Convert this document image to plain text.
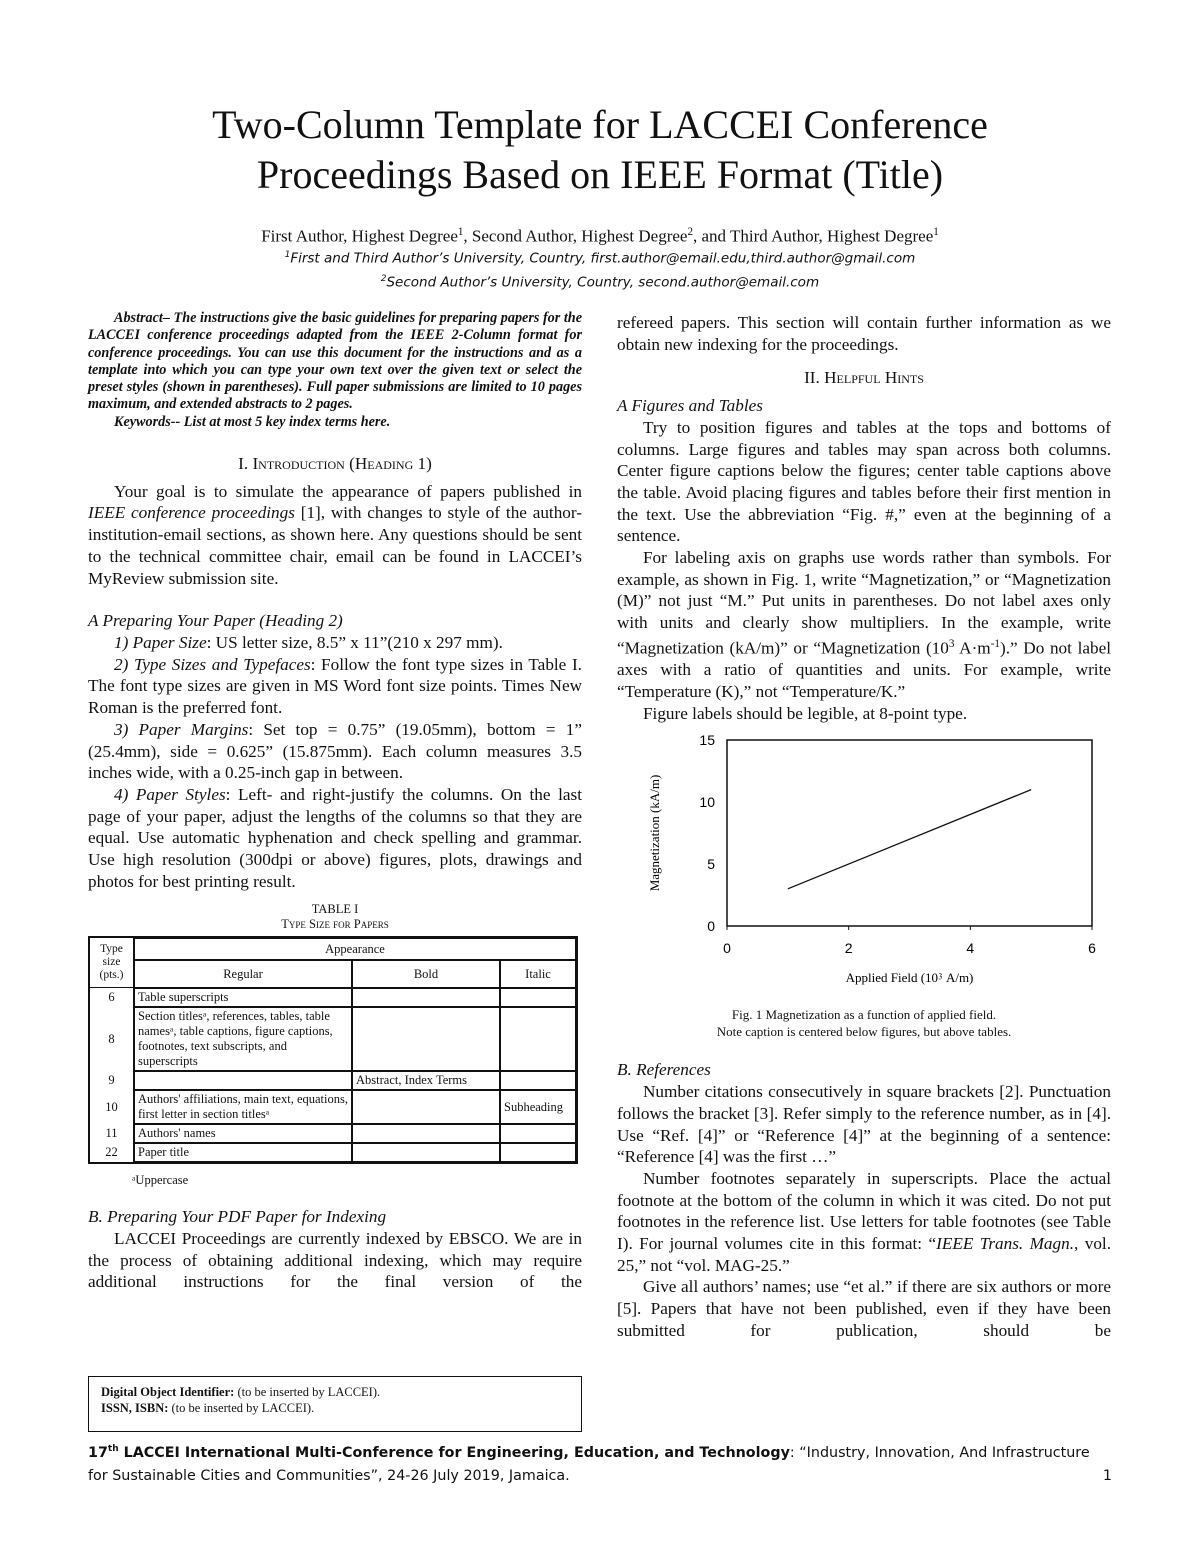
Two-Column Template for LACCEI Conference
Proceedings Based on IEEE Format (Title)
First Author, Highest Degree$^1$, Second Author, Highest Degree$^2$, and Third Author, Highest Degree$^1$
$^1$First and Third Author’s University, Country, first.author@email.edu,third.author@gmail.com
$^2$Second Author’s University, Country, second.author@email.com

Abstract– The instructions give the basic guidelines for preparing papers for the LACCEI conference proceedings adapted from the IEEE 2-Column format for conference proceedings. You can use this document for the instructions and as a template into which you can type your own text over the given text or select the preset styles (shown in parentheses). Full paper submissions are limited to 10 pages maximum, and extended abstracts to 2 pages.

Keywords-- List at most 5 key index terms here.

I. Introduction (Heading 1)

Your goal is to simulate the appearance of papers published in IEEE conference proceedings [1], with changes to style of the author-institution-email sections, as shown here. Any questions should be sent to the technical committee chair, email can be found in LACCEI’s MyReview submission site.

A Preparing Your Paper (Heading 2)

1) Paper Size: US letter size, 8.5” x 11”(210 x 297 mm).

2) Type Sizes and Typefaces: Follow the font type sizes in Table I. The font type sizes are given in MS Word font size points. Times New Roman is the preferred font.

3) Paper Margins: Set top = 0.75” (19.05mm), bottom = 1” (25.4mm), side = 0.625” (15.875mm). Each column measures 3.5 inches wide, with a 0.25-inch gap in between.

4) Paper Styles: Left- and right-justify the columns. On the last page of your paper, adjust the lengths of the columns so that they are equal. Use automatic hyphenation and check spelling and grammar. Use high resolution (300dpi or above) figures, plots, drawings and photos for best printing result.

TABLE I
Type Size for Papers
Type size (pts.)	Appearance		
	Regular	Bold	Italic
6	Table superscripts		
8	Section titlesᵃ, references, tables, table namesᵃ, table captions, figure captions, footnotes, text subscripts, and superscripts		
9		Abstract, Index Terms	
10	Authors' affiliations, main text, equations, first letter in section titlesᵃ		Subheading
11	Authors' names		
22	Paper title		
ᵃUppercase
B. Preparing Your PDF Paper for Indexing

LACCEI Proceedings are currently indexed by EBSCO. We are in the process of obtaining additional indexing, which may require additional instructions for the final version of the

refereed papers. This section will contain further information as we obtain new indexing for the proceedings.

II. Helpful Hints
A Figures and Tables

Try to position figures and tables at the tops and bottoms of columns. Large figures and tables may span across both columns. Center figure captions below the figures; center table captions above the table. Avoid placing figures and tables before their first mention in the text. Use the abbreviation “Fig. #,” even at the beginning of a sentence.

For labeling axis on graphs use words rather than symbols. For example, as shown in Fig. 1, write “Magnetization,” or “Magnetization (M)” not just “M.” Put units in parentheses. Do not label axes only with units and clearly show multipliers. In the example, write “Magnetization (kA/m)” or “Magnetization ($10^3$ $A\cdot m^{-1}$).” Do not label axes with a ratio of quantities and units. For example, write “Temperature (K),” not “Temperature/K.”

Figure labels should be legible, at 8-point type.

0
5
10
15
0	2	4	6
Applied Field (10⁳ A/m)
Magnetization (kA/m)
Fig. 1 Magnetization as a function of applied field.
Note caption is centered below figures, but above tables.
B. References

Number citations consecutively in square brackets [2]. Punctuation follows the bracket [3]. Refer simply to the reference number, as in [4]. Use “Ref. [4]” or “Reference [4]” at the beginning of a sentence: “Reference [4] was the first …”

Number footnotes separately in superscripts. Place the actual footnote at the bottom of the column in which it was cited. Do not put footnotes in the reference list. Use letters for table footnotes (see Table I). For journal volumes cite in this format: “IEEE Trans. Magn., vol. 25,” not “vol. MAG-25.”

Give all authors’ names; use “et al.” if there are six authors or more [5]. Papers that have not been published, even if they have been submitted for publication, should be

Digital Object Identifier: (to be inserted by LACCEI).
ISSN, ISBN: (to be inserted by LACCEI).
17th LACCEI International Multi-Conference for Engineering, Education, and Technology: “Industry, Innovation, And Infrastructure for Sustainable Cities and Communities”, 24-26 July 2019, Jamaica.	1
